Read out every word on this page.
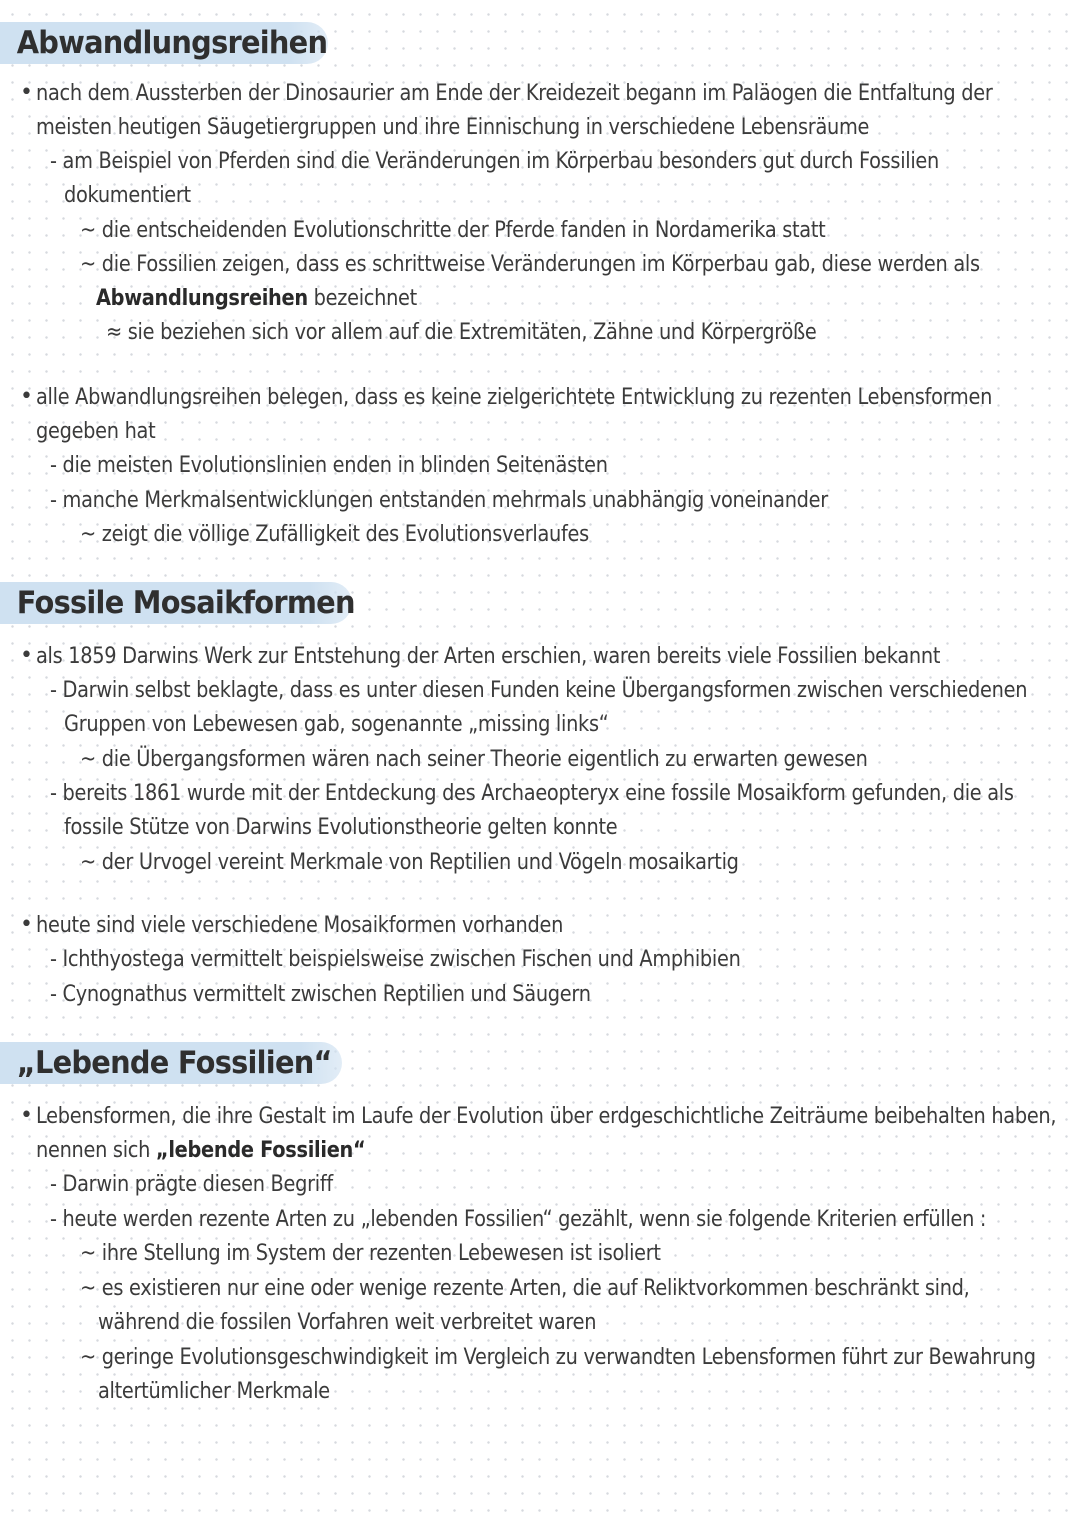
Abwandlungsreihen
• nach dem Aussterben der Dinosaurier am Ende der Kreidezeit begann im Paläogen die Entfaltung der
meisten heutigen Säugetiergruppen und ihre Einnischung in verschiedene Lebensräume
- am Beispiel von Pferden sind die Veränderungen im Körperbau besonders gut durch Fossilien
dokumentiert
~ die entscheidenden Evolutionschritte der Pferde fanden in Nordamerika statt
~ die Fossilien zeigen, dass es schrittweise Veränderungen im Körperbau gab, diese werden als
Abwandlungsreihen bezeichnet
≈ sie beziehen sich vor allem auf die Extremitäten, Zähne und Körpergröße
• alle Abwandlungsreihen belegen, dass es keine zielgerichtete Entwicklung zu rezenten Lebensformen
gegeben hat
- die meisten Evolutionslinien enden in blinden Seitenästen
- manche Merkmalsentwicklungen entstanden mehrmals unabhängig voneinander
~ zeigt die völlige Zufälligkeit des Evolutionsverlaufes
Fossile Mosaikformen
• als 1859 Darwins Werk zur Entstehung der Arten erschien, waren bereits viele Fossilien bekannt
- Darwin selbst beklagte, dass es unter diesen Funden keine Übergangsformen zwischen verschiedenen
Gruppen von Lebewesen gab, sogenannte „missing links“
~ die Übergangsformen wären nach seiner Theorie eigentlich zu erwarten gewesen
- bereits 1861 wurde mit der Entdeckung des Archaeopteryx eine fossile Mosaikform gefunden, die als
fossile Stütze von Darwins Evolutionstheorie gelten konnte
~ der Urvogel vereint Merkmale von Reptilien und Vögeln mosaikartig
• heute sind viele verschiedene Mosaikformen vorhanden
- Ichthyostega vermittelt beispielsweise zwischen Fischen und Amphibien
- Cynognathus vermittelt zwischen Reptilien und Säugern
„Lebende Fossilien“
• Lebensformen, die ihre Gestalt im Laufe der Evolution über erdgeschichtliche Zeiträume beibehalten haben,
nennen sich „lebende Fossilien“
- Darwin prägte diesen Begriff
- heute werden rezente Arten zu „lebenden Fossilien“ gezählt, wenn sie folgende Kriterien erfüllen :
~ ihre Stellung im System der rezenten Lebewesen ist isoliert
~ es existieren nur eine oder wenige rezente Arten, die auf Reliktvorkommen beschränkt sind,
während die fossilen Vorfahren weit verbreitet waren
~ geringe Evolutionsgeschwindigkeit im Vergleich zu verwandten Lebensformen führt zur Bewahrung
altertümlicher Merkmale
